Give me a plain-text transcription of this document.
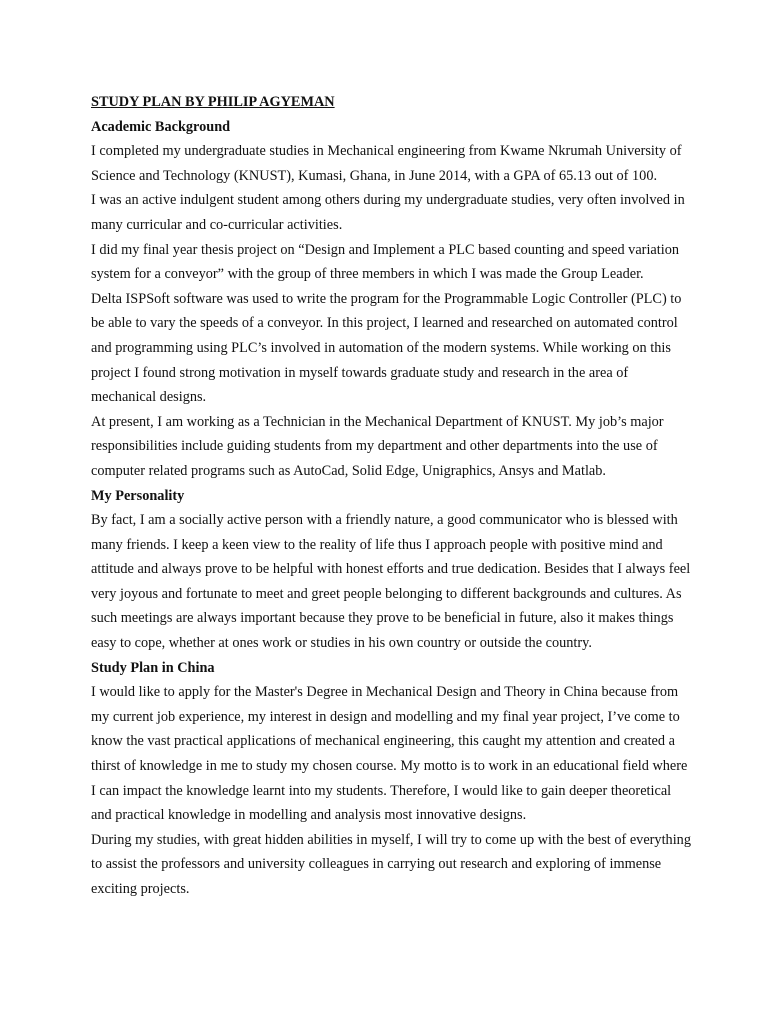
STUDY PLAN BY PHILIP AGYEMAN

Academic Background

I completed my undergraduate studies in Mechanical engineering from Kwame Nkrumah University of Science and Technology (KNUST), Kumasi, Ghana, in June 2014, with a GPA of 65.13 out of 100.

I was an active indulgent student among others during my undergraduate studies, very often involved in many curricular and co-curricular activities.

I did my final year thesis project on “Design and Implement a PLC based counting and speed variation system for a conveyor” with the group of three members in which I was made the Group Leader.

Delta ISPSoft software was used to write the program for the Programmable Logic Controller (PLC) to be able to vary the speeds of a conveyor. In this project, I learned and researched on automated control and programming using PLC’s involved in automation of the modern systems. While working on this project I found strong motivation in myself towards graduate study and research in the area of mechanical designs.

At present, I am working as a Technician in the Mechanical Department of KNUST. My job’s major responsibilities include guiding students from my department and other departments into the use of computer related programs such as AutoCad, Solid Edge, Unigraphics, Ansys and Matlab.

My Personality

By fact, I am a socially active person with a friendly nature, a good communicator who is blessed with many friends. I keep a keen view to the reality of life thus I approach people with positive mind and attitude and always prove to be helpful with honest efforts and true dedication. Besides that I always feel very joyous and fortunate to meet and greet people belonging to different backgrounds and cultures. As such meetings are always important because they prove to be beneficial in future, also it makes things easy to cope, whether at ones work or studies in his own country or outside the country.

Study Plan in China

I would like to apply for the Master's Degree in Mechanical Design and Theory in China because from my current job experience, my interest in design and modelling and my final year project, I’ve come to know the vast practical applications of mechanical engineering, this caught my attention and created a thirst of knowledge in me to study my chosen course. My motto is to work in an educational field where I can impact the knowledge learnt into my students. Therefore, I would like to gain deeper theoretical and practical knowledge in modelling and analysis most innovative designs.

During my studies, with great hidden abilities in myself, I will try to come up with the best of everything to assist the professors and university colleagues in carrying out research and exploring of immense exciting projects.
